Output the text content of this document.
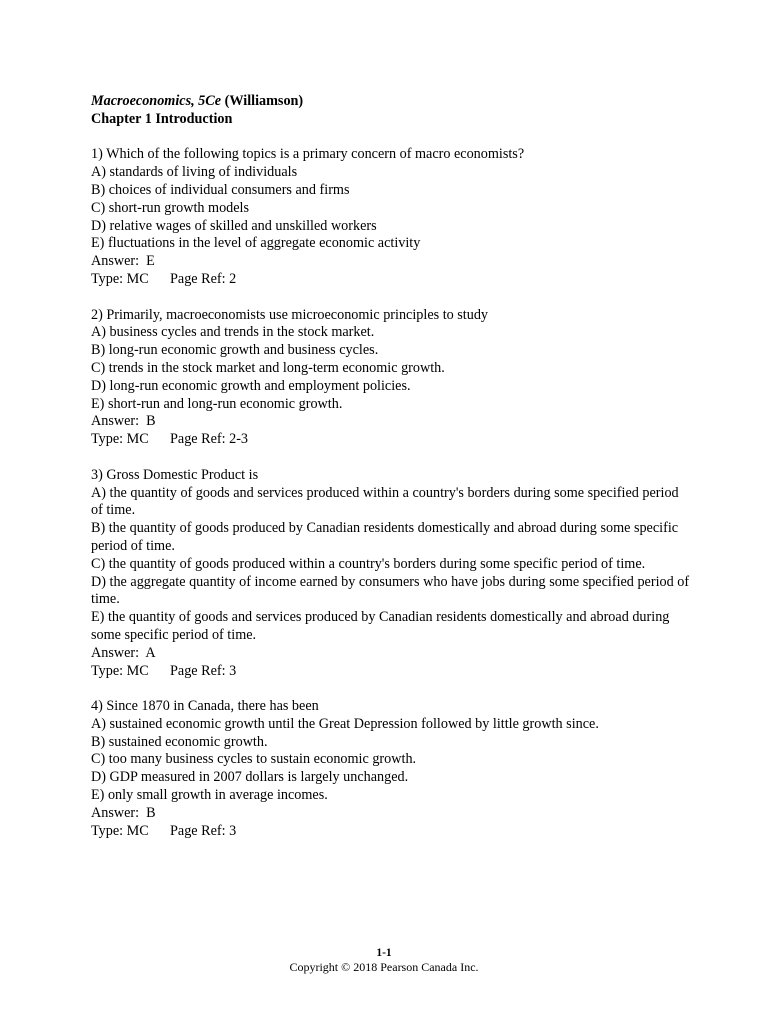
Macroeconomics, 5Ce (Williamson)
Chapter 1 Introduction
1) Which of the following topics is a primary concern of macro economists?
A) standards of living of individuals
B) choices of individual consumers and firms
C) short-run growth models
D) relative wages of skilled and unskilled workers
E) fluctuations in the level of aggregate economic activity
Answer:  E
Type: MC      Page Ref: 2
2) Primarily, macroeconomists use microeconomic principles to study
A) business cycles and trends in the stock market.
B) long-run economic growth and business cycles.
C) trends in the stock market and long-term economic growth.
D) long-run economic growth and employment policies.
E) short-run and long-run economic growth.
Answer:  B
Type: MC      Page Ref: 2-3
3) Gross Domestic Product is
A) the quantity of goods and services produced within a country's borders during some specified period of time.
B) the quantity of goods produced by Canadian residents domestically and abroad during some specific period of time.
C) the quantity of goods produced within a country's borders during some specific period of time.
D) the aggregate quantity of income earned by consumers who have jobs during some specified period of time.
E) the quantity of goods and services produced by Canadian residents domestically and abroad during some specific period of time.
Answer:  A
Type: MC      Page Ref: 3
4) Since 1870 in Canada, there has been
A) sustained economic growth until the Great Depression followed by little growth since.
B) sustained economic growth.
C) too many business cycles to sustain economic growth.
D) GDP measured in 2007 dollars is largely unchanged.
E) only small growth in average incomes.
Answer:  B
Type: MC      Page Ref: 3
1-1
Copyright © 2018 Pearson Canada Inc.
